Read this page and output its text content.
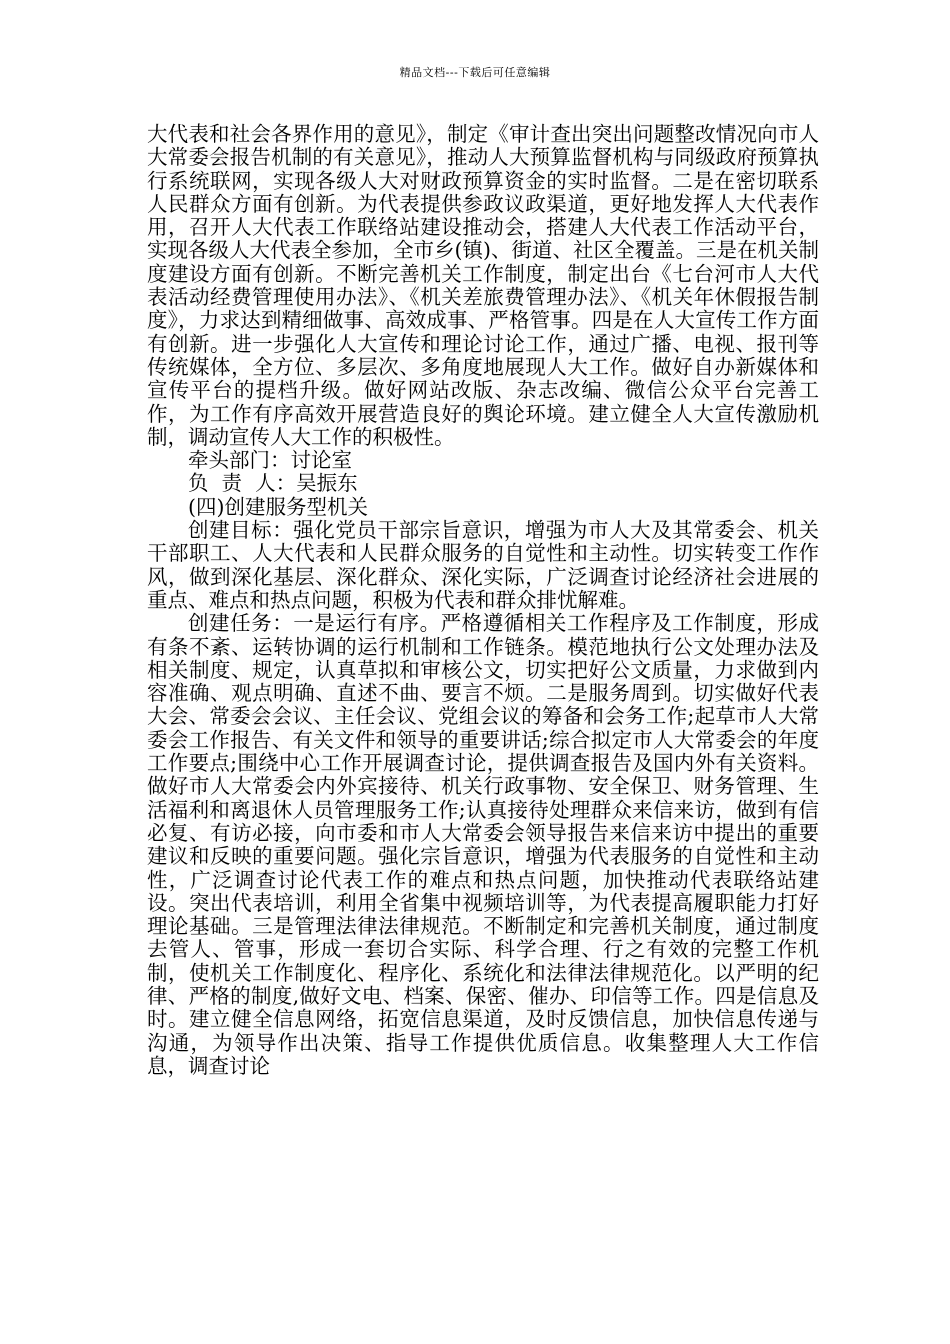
精品文档---下载后可任意编辑

大代表和社会各界作用的意见》，制定《审计查出突出问题整改情况向市人大常委会报告机制的有关意见》，推动人大预算监督机构与同级政府预算执行系统联网，实现各级人大对财政预算资金的实时监督。二是在密切联系人民群众方面有创新。为代表提供参政议政渠道，更好地发挥人大代表作用，召开人大代表工作联络站建设推动会，搭建人大代表工作活动平台，实现各级人大代表全参加，全市乡(镇)、街道、社区全覆盖。三是在机关制度建设方面有创新。不断完善机关工作制度，制定出台《七台河市人大代表活动经费管理使用办法》、《机关差旅费管理办法》、《机关年休假报告制度》，力求达到精细做事、高效成事、严格管事。四是在人大宣传工作方面有创新。进一步强化人大宣传和理论讨论工作，通过广播、电视、报刊等传统媒体，全方位、多层次、多角度地展现人大工作。做好自办新媒体和宣传平台的提档升级。做好网站改版、杂志改编、微信公众平台完善工作，为工作有序高效开展营造良好的舆论环境。建立健全人大宣传激励机制，调动宣传人大工作的积极性。

牵头部门：讨论室

负  责  人：吴振东

(四)创建服务型机关

创建目标：强化党员干部宗旨意识，增强为市人大及其常委会、机关干部职工、人大代表和人民群众服务的自觉性和主动性。切实转变工作作风，做到深化基层、深化群众、深化实际，广泛调查讨论经济社会进展的重点、难点和热点问题，积极为代表和群众排忧解难。

创建任务：一是运行有序。严格遵循相关工作程序及工作制度，形成有条不紊、运转协调的运行机制和工作链条。模范地执行公文处理办法及相关制度、规定，认真草拟和审核公文，切实把好公文质量，力求做到内容准确、观点明确、直述不曲、要言不烦。二是服务周到。切实做好代表大会、常委会会议、主任会议、党组会议的筹备和会务工作;起草市人大常委会工作报告、有关文件和领导的重要讲话;综合拟定市人大常委会的年度工作要点;围绕中心工作开展调查讨论，提供调查报告及国内外有关资料。做好市人大常委会内外宾接待、机关行政事物、安全保卫、财务管理、生活福利和离退休人员管理服务工作;认真接待处理群众来信来访，做到有信必复、有访必接，向市委和市人大常委会领导报告来信来访中提出的重要建议和反映的重要问题。强化宗旨意识，增强为代表服务的自觉性和主动性，广泛调查讨论代表工作的难点和热点问题，加快推动代表联络站建设。突出代表培训，利用全省集中视频培训等，为代表提高履职能力打好理论基础。三是管理法律法律规范。不断制定和完善机关制度，通过制度去管人、管事，形成一套切合实际、科学合理、行之有效的完整工作机制，使机关工作制度化、程序化、系统化和法律法律规范化。以严明的纪律、严格的制度,做好文电、档案、保密、催办、印信等工作。四是信息及时。建立健全信息网络，拓宽信息渠道，及时反馈信息，加快信息传递与沟通，为领导作出决策、指导工作提供优质信息。收集整理人大工作信息，调查讨论
